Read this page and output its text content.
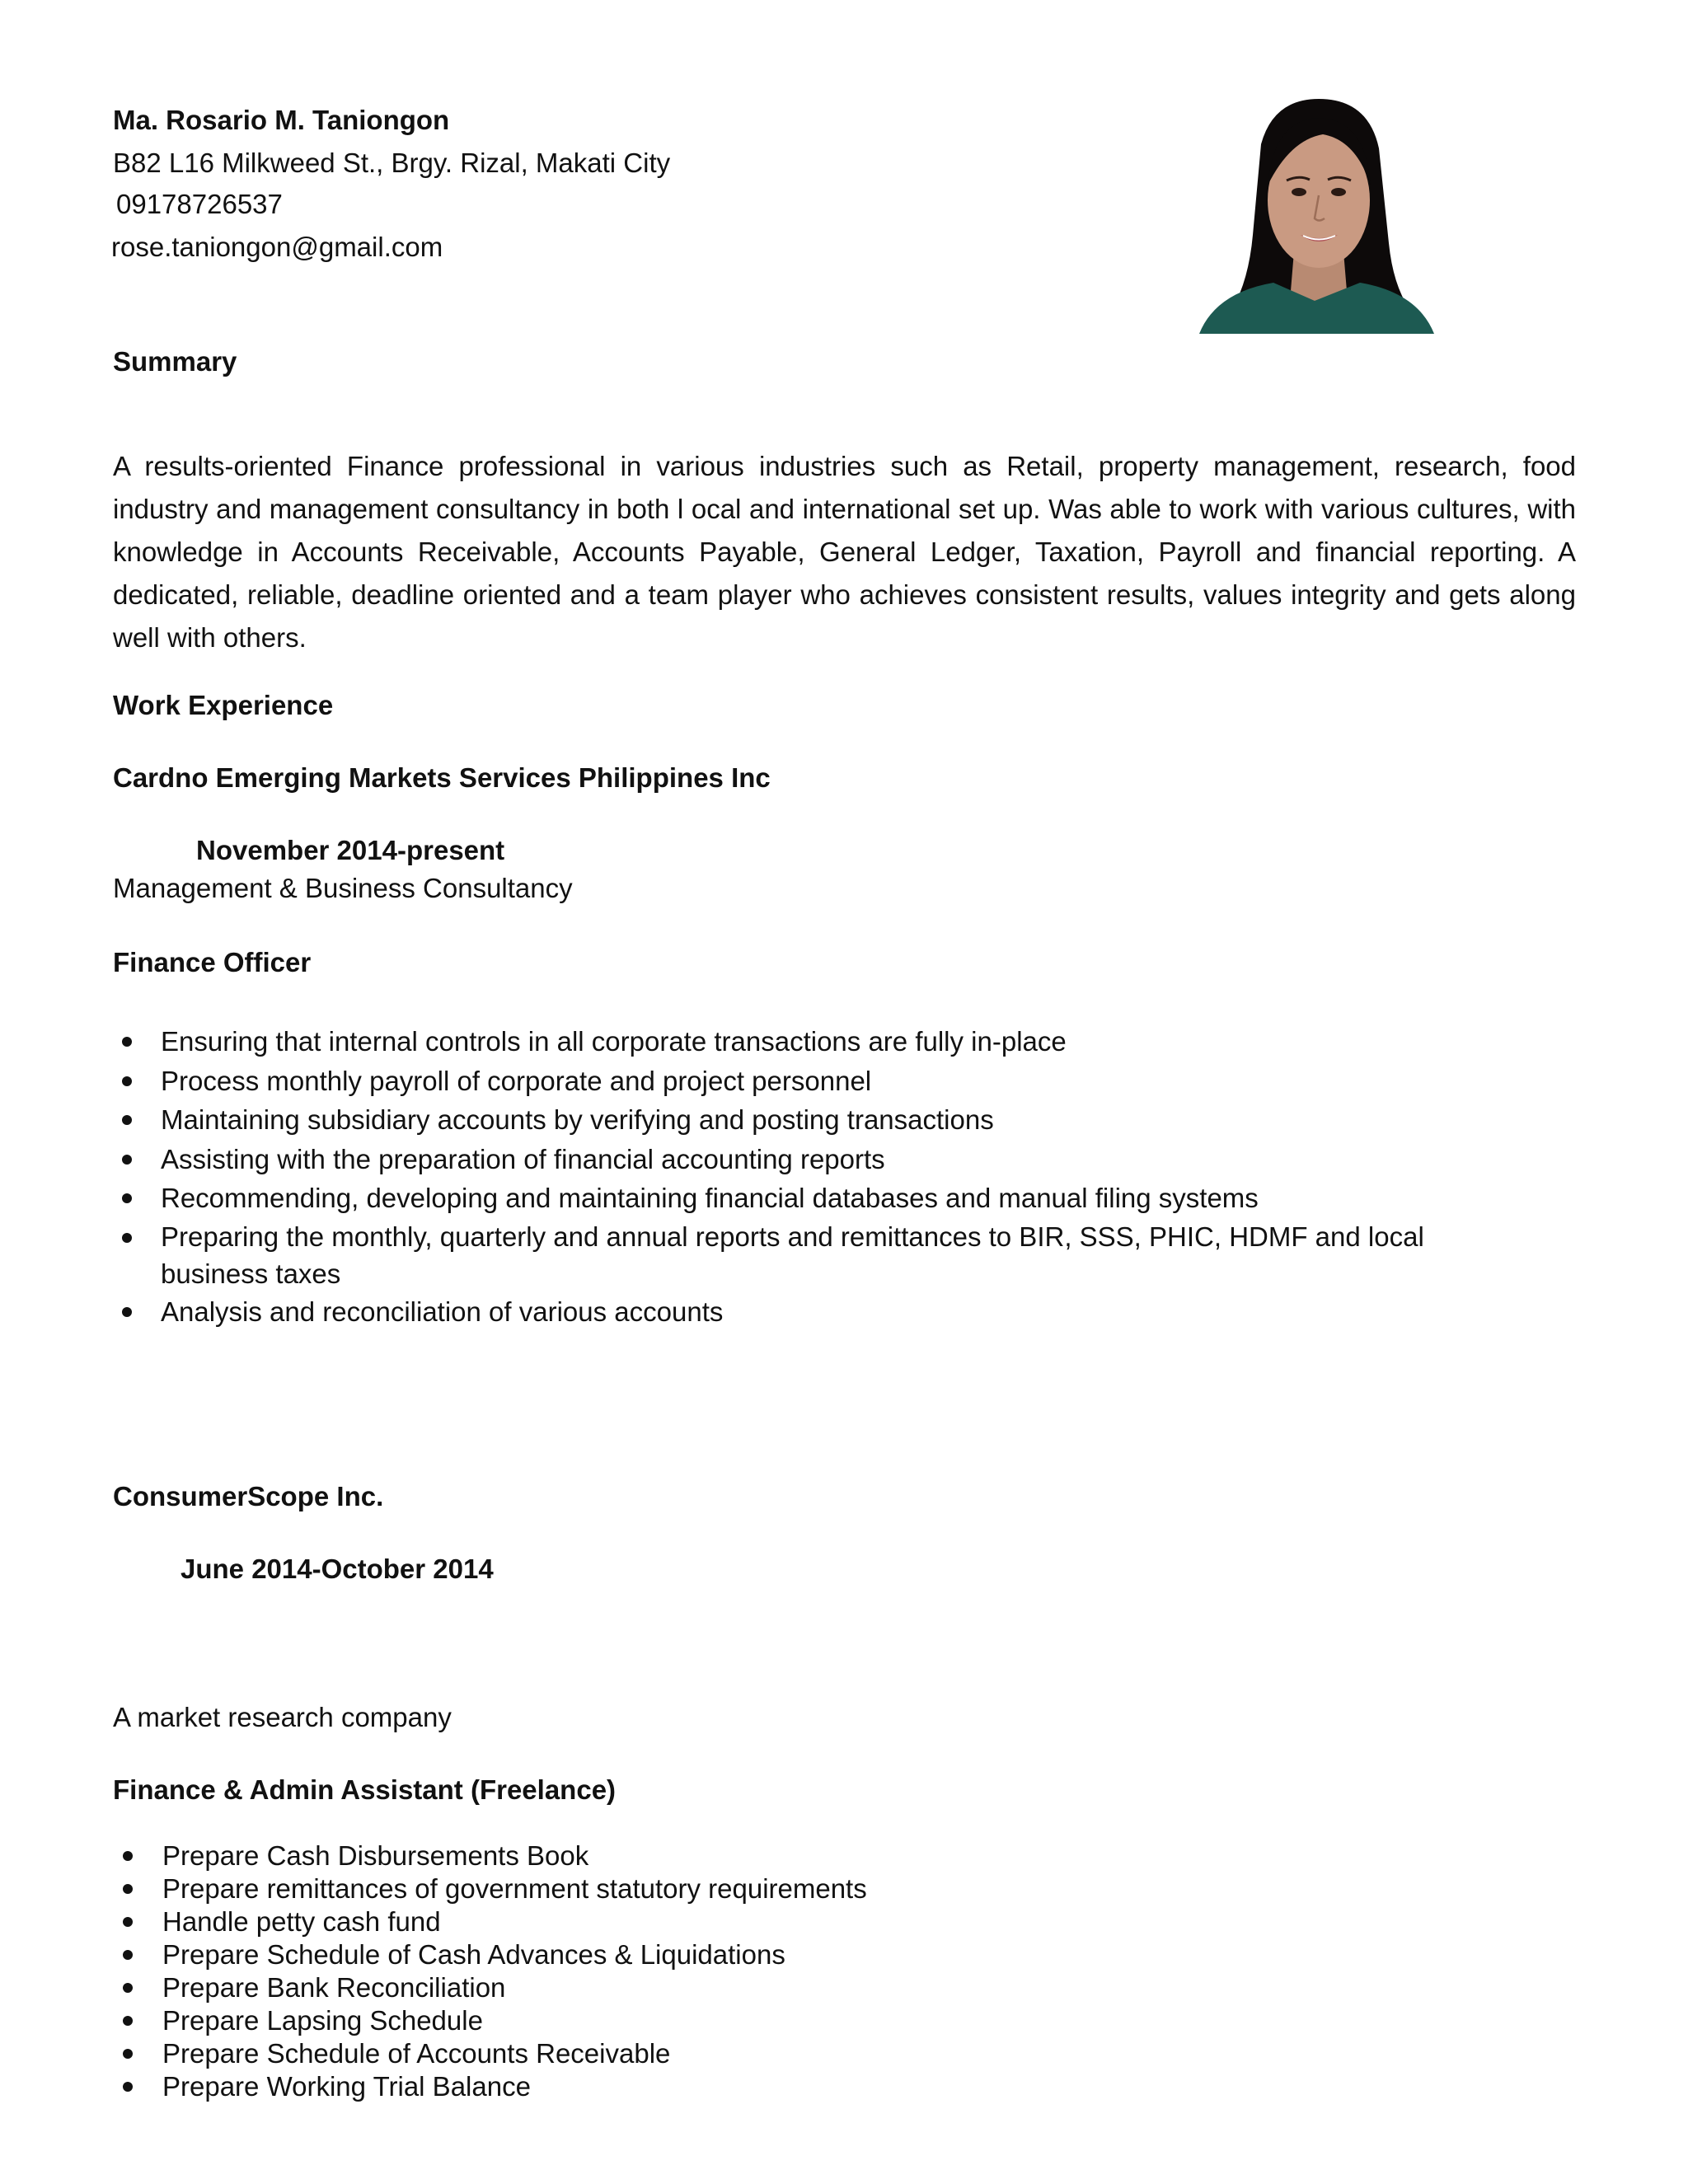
Ma. Rosario M. Taniongon
B82 L16 Milkweed St., Brgy. Rizal, Makati City
09178726537
rose.taniongon@gmail.com
Summary
A results-oriented Finance professional in various industries such as Retail, property management, research, food industry and management consultancy in both l ocal and international set up. Was able to work with various cultures, with knowledge in Accounts Receivable, Accounts Payable, General Ledger, Taxation, Payroll and financial reporting. A dedicated, reliable, deadline oriented and a team player who achieves consistent results, values integrity and gets along well with others.
Work Experience
Cardno Emerging Markets Services Philippines Inc
November 2014-present
Management & Business Consultancy
Finance Officer
Ensuring that internal controls in all corporate transactions are fully in-place
Process monthly payroll of corporate and project personnel
Maintaining subsidiary accounts by verifying and posting transactions
Assisting with the preparation of financial accounting reports
Recommending, developing and maintaining financial databases and manual filing systems
Preparing the monthly, quarterly and annual reports and remittances to BIR, SSS, PHIC, HDMF and local business taxes
Analysis and reconciliation of various accounts
ConsumerScope Inc.
June 2014-October 2014
A market research company
Finance & Admin Assistant (Freelance)
Prepare Cash Disbursements Book
Prepare remittances of government statutory requirements
Handle petty cash fund
Prepare Schedule of Cash Advances & Liquidations
Prepare Bank Reconciliation
Prepare Lapsing Schedule
Prepare Schedule of Accounts Receivable
Prepare Working Trial Balance
